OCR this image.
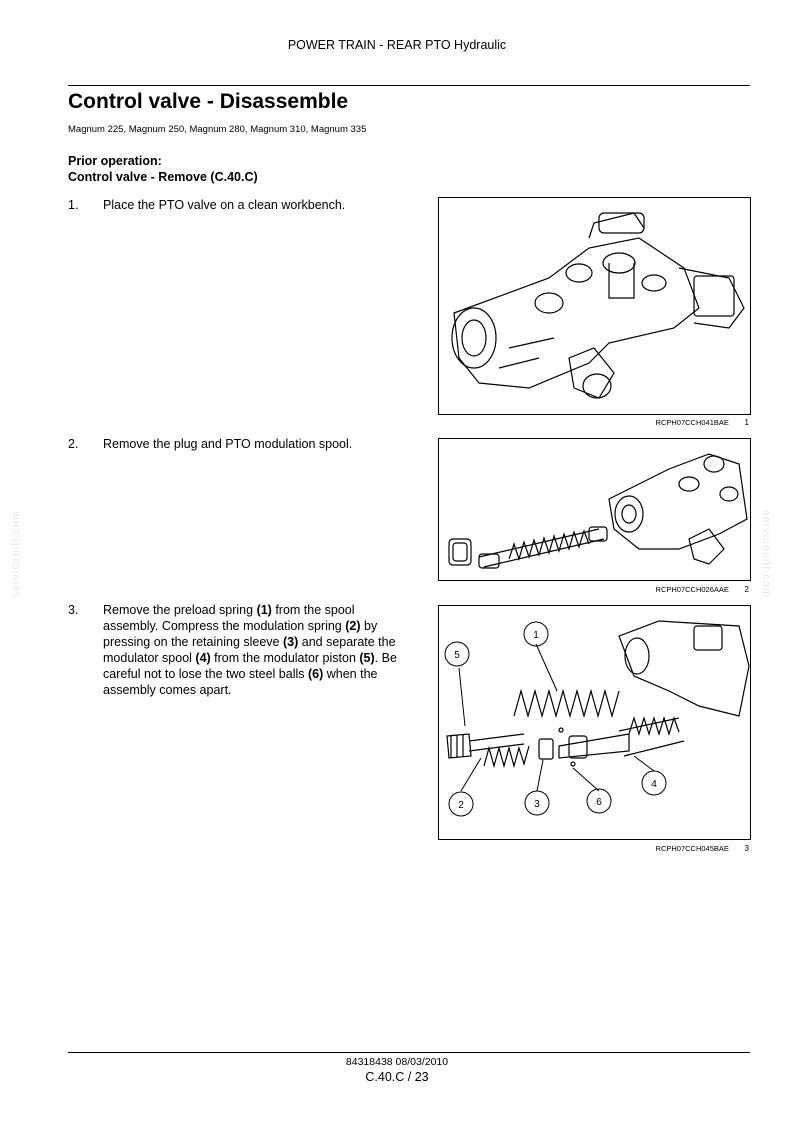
POWER TRAIN - REAR PTO Hydraulic
Control valve - Disassemble
Magnum 225, Magnum 250, Magnum 280, Magnum 310, Magnum 335
Prior operation:
Control valve - Remove (C.40.C)
1. Place the PTO valve on a clean workbench.
2. Remove the plug and PTO modulation spool.
3. Remove the preload spring (1) from the spool assembly. Compress the modulation spring (2) by pressing on the retaining sleeve (3) and separate the modulator spool (4) from the modulator piston (5). Be careful not to lose the two steel balls (6) when the assembly comes apart.
RCPH07CCH041BAE 1
RCPH07CCH026AAE 2
1
2	3
4
5
6
RCPH07CCH045BAE 3
servicepdf.com	servicepdf.com
84318438 08/03/2010
C.40.C / 23
